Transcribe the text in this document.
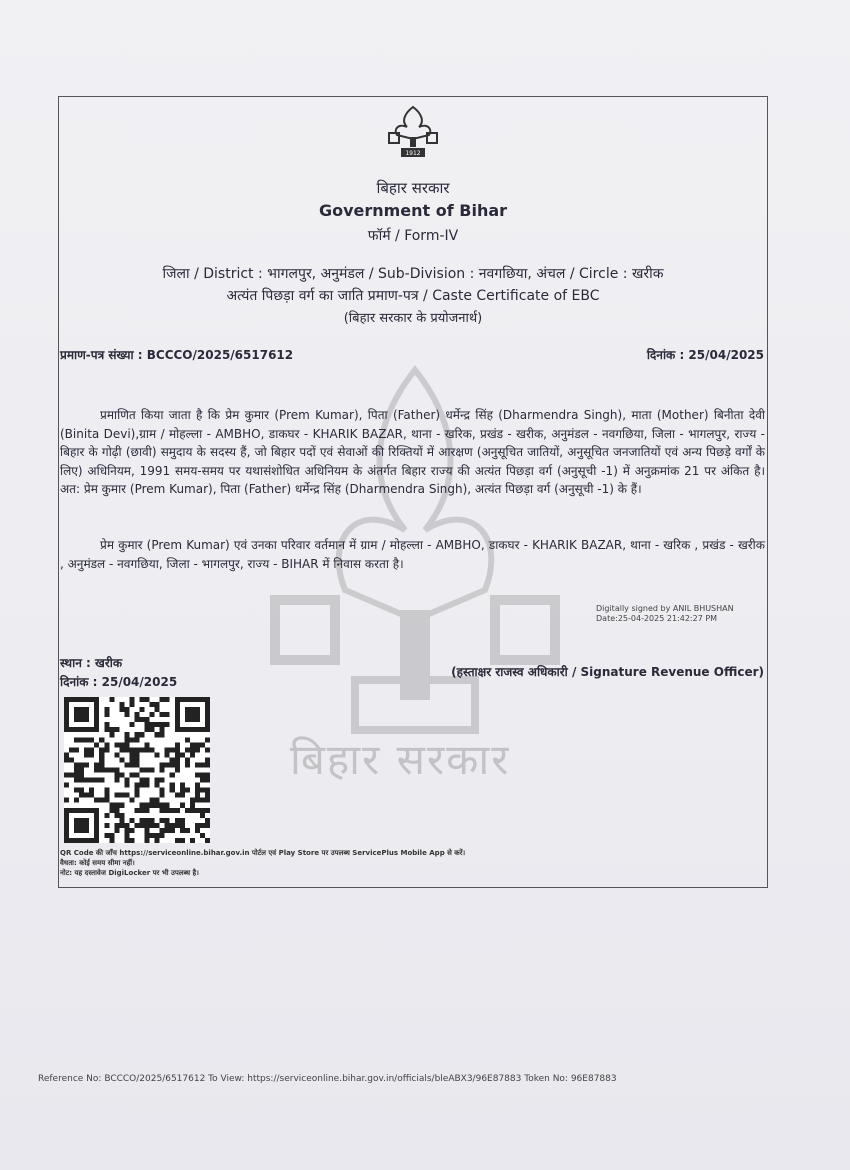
बिहार सरकार
1912
बिहार सरकार
Government of Bihar
फॉर्म / Form-IV
जिला / District : भागलपुर, अनुमंडल / Sub-Division : नवगछिया, अंचल / Circle : खरीक
अत्यंत पिछड़ा वर्ग का जाति प्रमाण-पत्र / Caste Certificate of EBC
(बिहार सरकार के प्रयोजनार्थ)
प्रमाण-पत्र संख्या : BCCCO/2025/6517612	दिनांक : 25/04/2025
प्रमाणित किया जाता है कि प्रेम कुमार (Prem Kumar), पिता (Father) धर्मेन्द्र सिंह (Dharmendra Singh), माता (Mother) बिनीता देवी (Binita Devi),ग्राम / मोहल्ला - AMBHO, डाकघर - KHARIK BAZAR, थाना - खरिक, प्रखंड - खरीक, अनुमंडल - नवगछिया, जिला - भागलपुर, राज्य - बिहार के गोढ़ी (छावी) समुदाय के सदस्य हैं, जो बिहार पदों एवं सेवाओं की रिक्तियों में आरक्षण (अनुसूचित जातियों, अनुसूचित जनजातियों एवं अन्य पिछड़े वर्गों के लिए) अधिनियम, 1991 समय-समय पर यथासंशोधित अधिनियम के अंतर्गत बिहार राज्य की अत्यंत पिछड़ा वर्ग (अनुसूची -1) में अनुक्रमांक 21 पर अंकित है। अत: प्रेम कुमार (Prem Kumar), पिता (Father) धर्मेन्द्र सिंह (Dharmendra Singh), अत्यंत पिछड़ा वर्ग (अनुसूची -1) के हैं।
प्रेम कुमार (Prem Kumar) एवं उनका परिवार वर्तमान में ग्राम / मोहल्ला - AMBHO, डाकघर - KHARIK BAZAR, थाना - खरिक , प्रखंड - खरीक , अनुमंडल - नवगछिया, जिला - भागलपुर, राज्य - BIHAR में निवास करता है।
Digitally signed by ANIL BHUSHAN
Date:25-04-2025 21:42:27 PM
स्थान : खरीक
दिनांक : 25/04/2025
(हस्ताक्षर राजस्व अधिकारी / Signature Revenue Officer)
QR Code की जाँच https://serviceonline.bihar.gov.in पोर्टल एवं Play Store पर उपलब्ध ServicePlus Mobile App से करें।
वैधता: कोई समय सीमा नहीं।
नोट: यह दस्तावेज DigiLocker पर भी उपलब्ध है।
Reference No: BCCCO/2025/6517612 To View: https://serviceonline.bihar.gov.in/officials/bleABX3/96E87883 Token No: 96E87883
